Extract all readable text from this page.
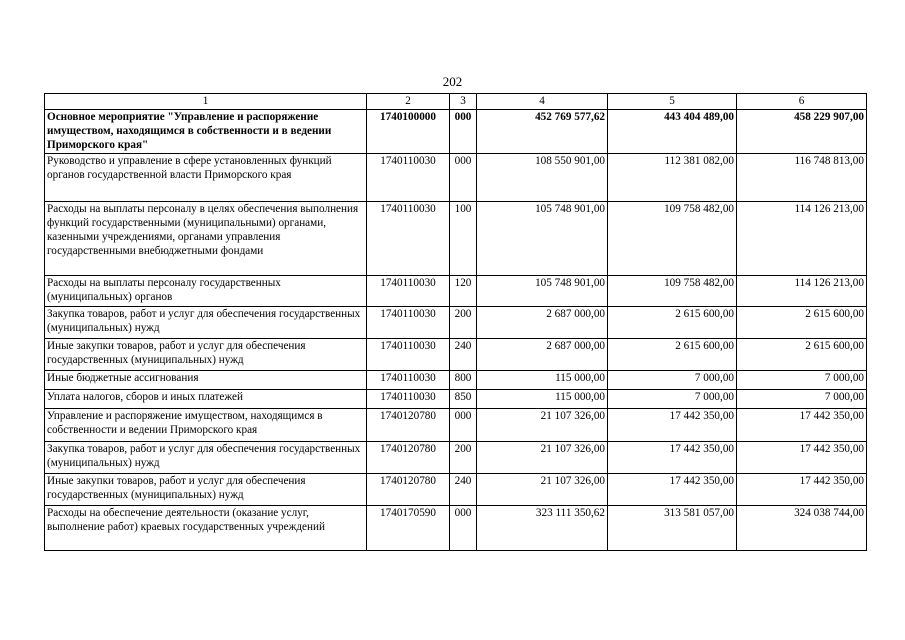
202
1	2	3	4	5	6
Основное мероприятие "Управление и распоряжение имуществом, находящимся в собственности и в ведении Приморского края"	1740100000	000	452 769 577,62	443 404 489,00	458 229 907,00
Руководство и управление в сфере установленных функций органов государственной власти Приморского края	1740110030	000	108 550 901,00	112 381 082,00	116 748 813,00
Расходы на выплаты персоналу в целях обеспечения выполнения функций государственными (муниципальными) органами, казенными учреждениями, органами управления государственными внебюджетными фондами	1740110030	100	105 748 901,00	109 758 482,00	114 126 213,00
Расходы на выплаты персоналу государственных (муниципальных) органов	1740110030	120	105 748 901,00	109 758 482,00	114 126 213,00
Закупка товаров, работ и услуг для обеспечения государственных (муниципальных) нужд	1740110030	200	2 687 000,00	2 615 600,00	2 615 600,00
Иные закупки товаров, работ и услуг для обеспечения государственных (муниципальных) нужд	1740110030	240	2 687 000,00	2 615 600,00	2 615 600,00
Иные бюджетные ассигнования	1740110030	800	115 000,00	7 000,00	7 000,00
Уплата налогов, сборов и иных платежей	1740110030	850	115 000,00	7 000,00	7 000,00
Управление и распоряжение имуществом, находящимся в собственности и ведении Приморского края	1740120780	000	21 107 326,00	17 442 350,00	17 442 350,00
Закупка товаров, работ и услуг для обеспечения государственных (муниципальных) нужд	1740120780	200	21 107 326,00	17 442 350,00	17 442 350,00
Иные закупки товаров, работ и услуг для обеспечения государственных (муниципальных) нужд	1740120780	240	21 107 326,00	17 442 350,00	17 442 350,00
Расходы на обеспечение деятельности (оказание услуг, выполнение работ) краевых государственных учреждений	1740170590	000	323 111 350,62	313 581 057,00	324 038 744,00
